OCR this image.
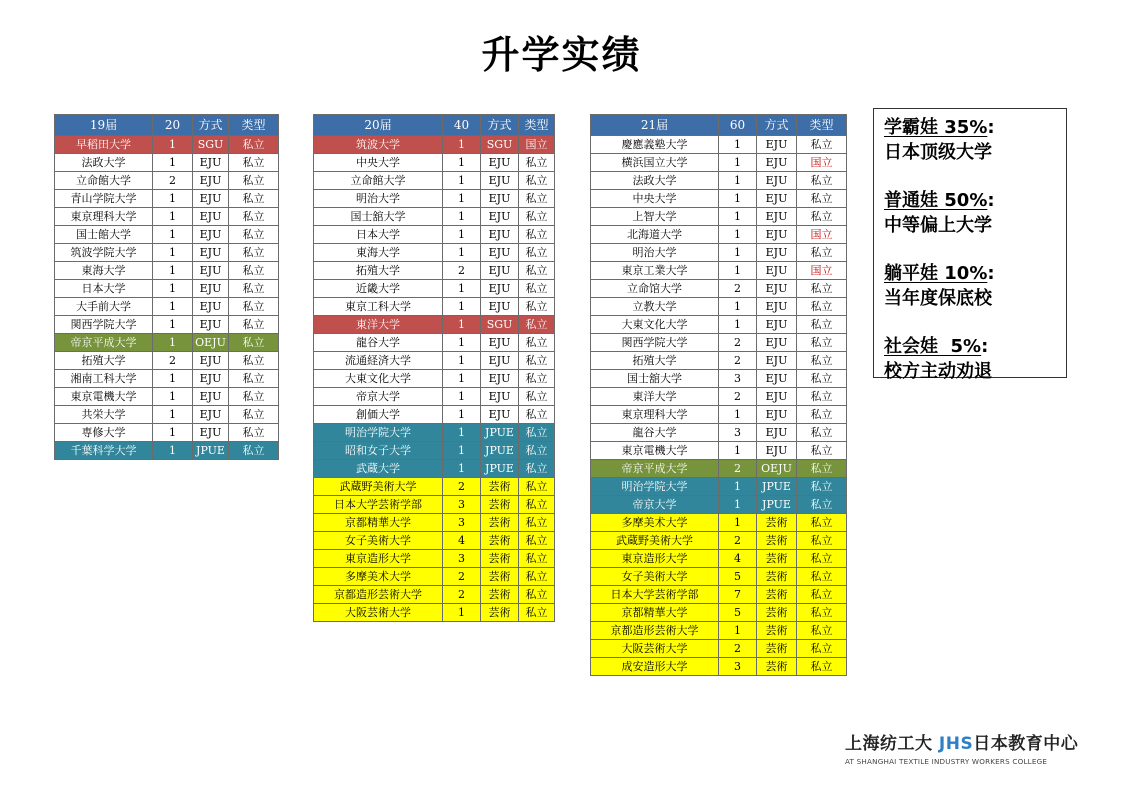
升学实绩
19届	20	方式	类型
早稻田大学	1	SGU	私立
法政大学	1	EJU	私立
立命館大学	2	EJU	私立
青山学院大学	1	EJU	私立
東京理科大学	1	EJU	私立
国士館大学	1	EJU	私立
筑波学院大学	1	EJU	私立
東海大学	1	EJU	私立
日本大学	1	EJU	私立
大手前大学	1	EJU	私立
関西学院大学	1	EJU	私立
帝京平成大学	1	OEJU	私立
拓殖大学	2	EJU	私立
湘南工科大学	1	EJU	私立
東京電機大学	1	EJU	私立
共栄大学	1	EJU	私立
専修大学	1	EJU	私立
千葉科学大学	1	JPUE	私立
20届	40	方式	类型
筑波大学	1	SGU	国立
中央大学	1	EJU	私立
立命館大学	1	EJU	私立
明治大学	1	EJU	私立
国士舘大学	1	EJU	私立
日本大学	1	EJU	私立
東海大学	1	EJU	私立
拓殖大学	2	EJU	私立
近畿大学	1	EJU	私立
東京工科大学	1	EJU	私立
東洋大学	1	SGU	私立
龍谷大学	1	EJU	私立
流通経済大学	1	EJU	私立
大東文化大学	1	EJU	私立
帝京大学	1	EJU	私立
創価大学	1	EJU	私立
明治学院大学	1	JPUE	私立
昭和女子大学	1	JPUE	私立
武蔵大学	1	JPUE	私立
武蔵野美術大学	2	芸術	私立
日本大学芸術学部	3	芸術	私立
京都精華大学	3	芸術	私立
女子美術大学	4	芸術	私立
東京造形大学	3	芸術	私立
多摩美术大学	2	芸術	私立
京都造形芸術大学	2	芸術	私立
大阪芸術大学	1	芸術	私立
21届	60	方式	类型
慶應義塾大学	1	EJU	私立
横浜国立大学	1	EJU	国立
法政大学	1	EJU	私立
中央大学	1	EJU	私立
上智大学	1	EJU	私立
北海道大学	1	EJU	国立
明治大学	1	EJU	私立
東京工業大学	1	EJU	国立
立命馆大学	2	EJU	私立
立教大学	1	EJU	私立
大東文化大学	1	EJU	私立
関西学院大学	2	EJU	私立
拓殖大学	2	EJU	私立
国士舘大学	3	EJU	私立
東洋大学	2	EJU	私立
東京理科大学	1	EJU	私立
龍谷大学	3	EJU	私立
東京電機大学	1	EJU	私立
帝京平成大学	2	OEJU	私立
明治学院大学	1	JPUE	私立
帝京大学	1	JPUE	私立
多摩美术大学	1	芸術	私立
武蔵野美術大学	2	芸術	私立
東京造形大学	4	芸術	私立
女子美術大学	5	芸術	私立
日本大学芸術学部	7	芸術	私立
京都精華大学	5	芸術	私立
京都造形芸術大学	1	芸術	私立
大阪芸術大学	2	芸術	私立
成安造形大学	3	芸術	私立
学霸娃 35%:
日本顶级大学
普通娃 50%:
中等偏上大学
躺平娃 10%:
当年度保底校
社会娃  5%:
校方主动劝退
上海纺工大 JHS日本教育中心
AT SHANGHAI TEXTILE INDUSTRY WORKERS COLLEGE
